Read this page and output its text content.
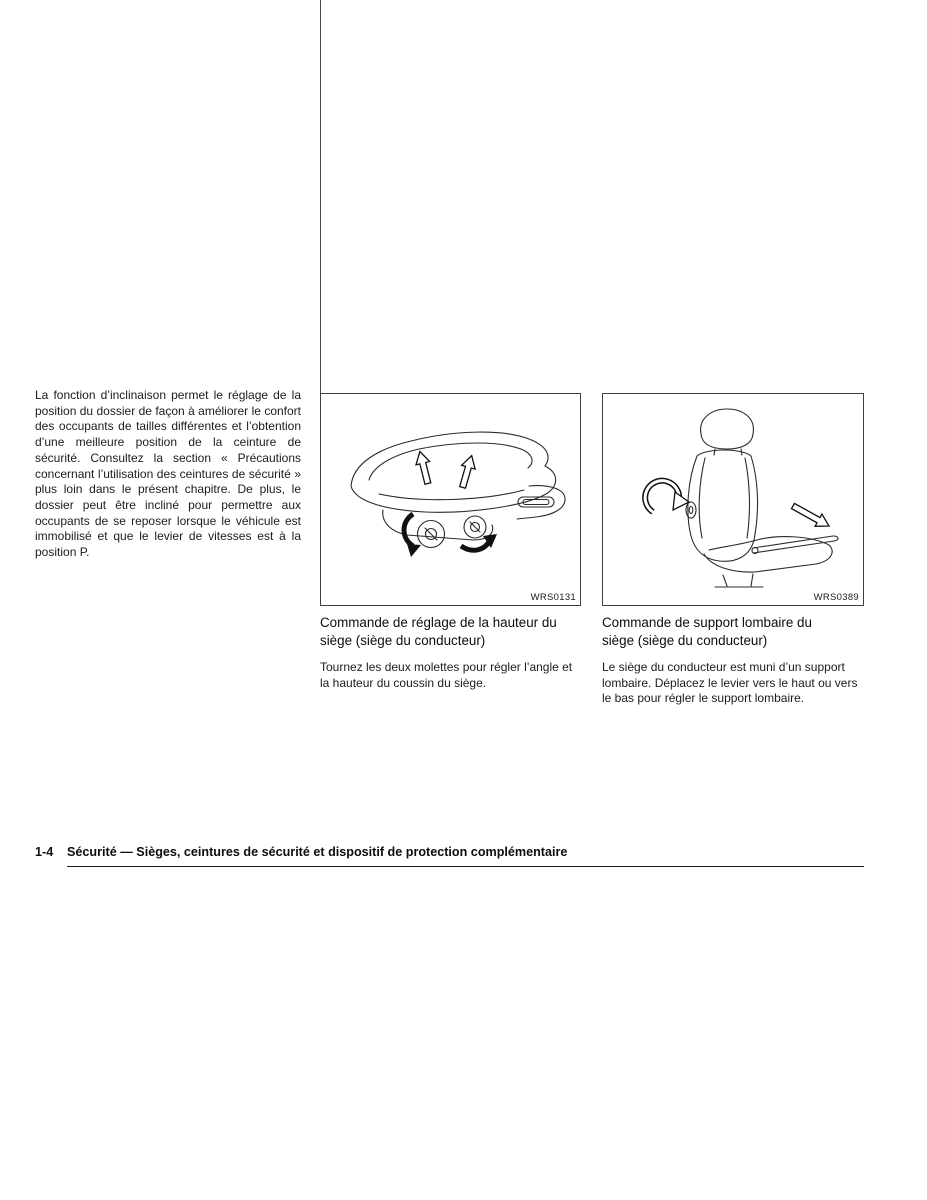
La fonction d’inclinaison permet le réglage de la position du dossier de façon à améliorer le confort des occupants de tailles différentes et l’obtention d’une meilleure position de la ceinture de sécurité. Consultez la section « Précautions concernant l’utilisation des ceintures de sécurité » plus loin dans le présent chapitre. De plus, le dossier peut être incliné pour permettre aux occupants de se reposer lorsque le véhicule est immobilisé et que le levier de vitesses est à la position P.

WRS0131
Commande de réglage de la hauteur du siège (siège du conducteur)

Tournez les deux molettes pour régler l’angle et la hauteur du coussin du siège.

WRS0389
Commande de support lombaire du siège (siège du conducteur)

Le siège du conducteur est muni d’un support lombaire. Déplacez le levier vers le haut ou vers le bas pour régler le support lombaire.

1-4 Sécurité — Sièges, ceintures de sécurité et dispositif de protection complémentaire
